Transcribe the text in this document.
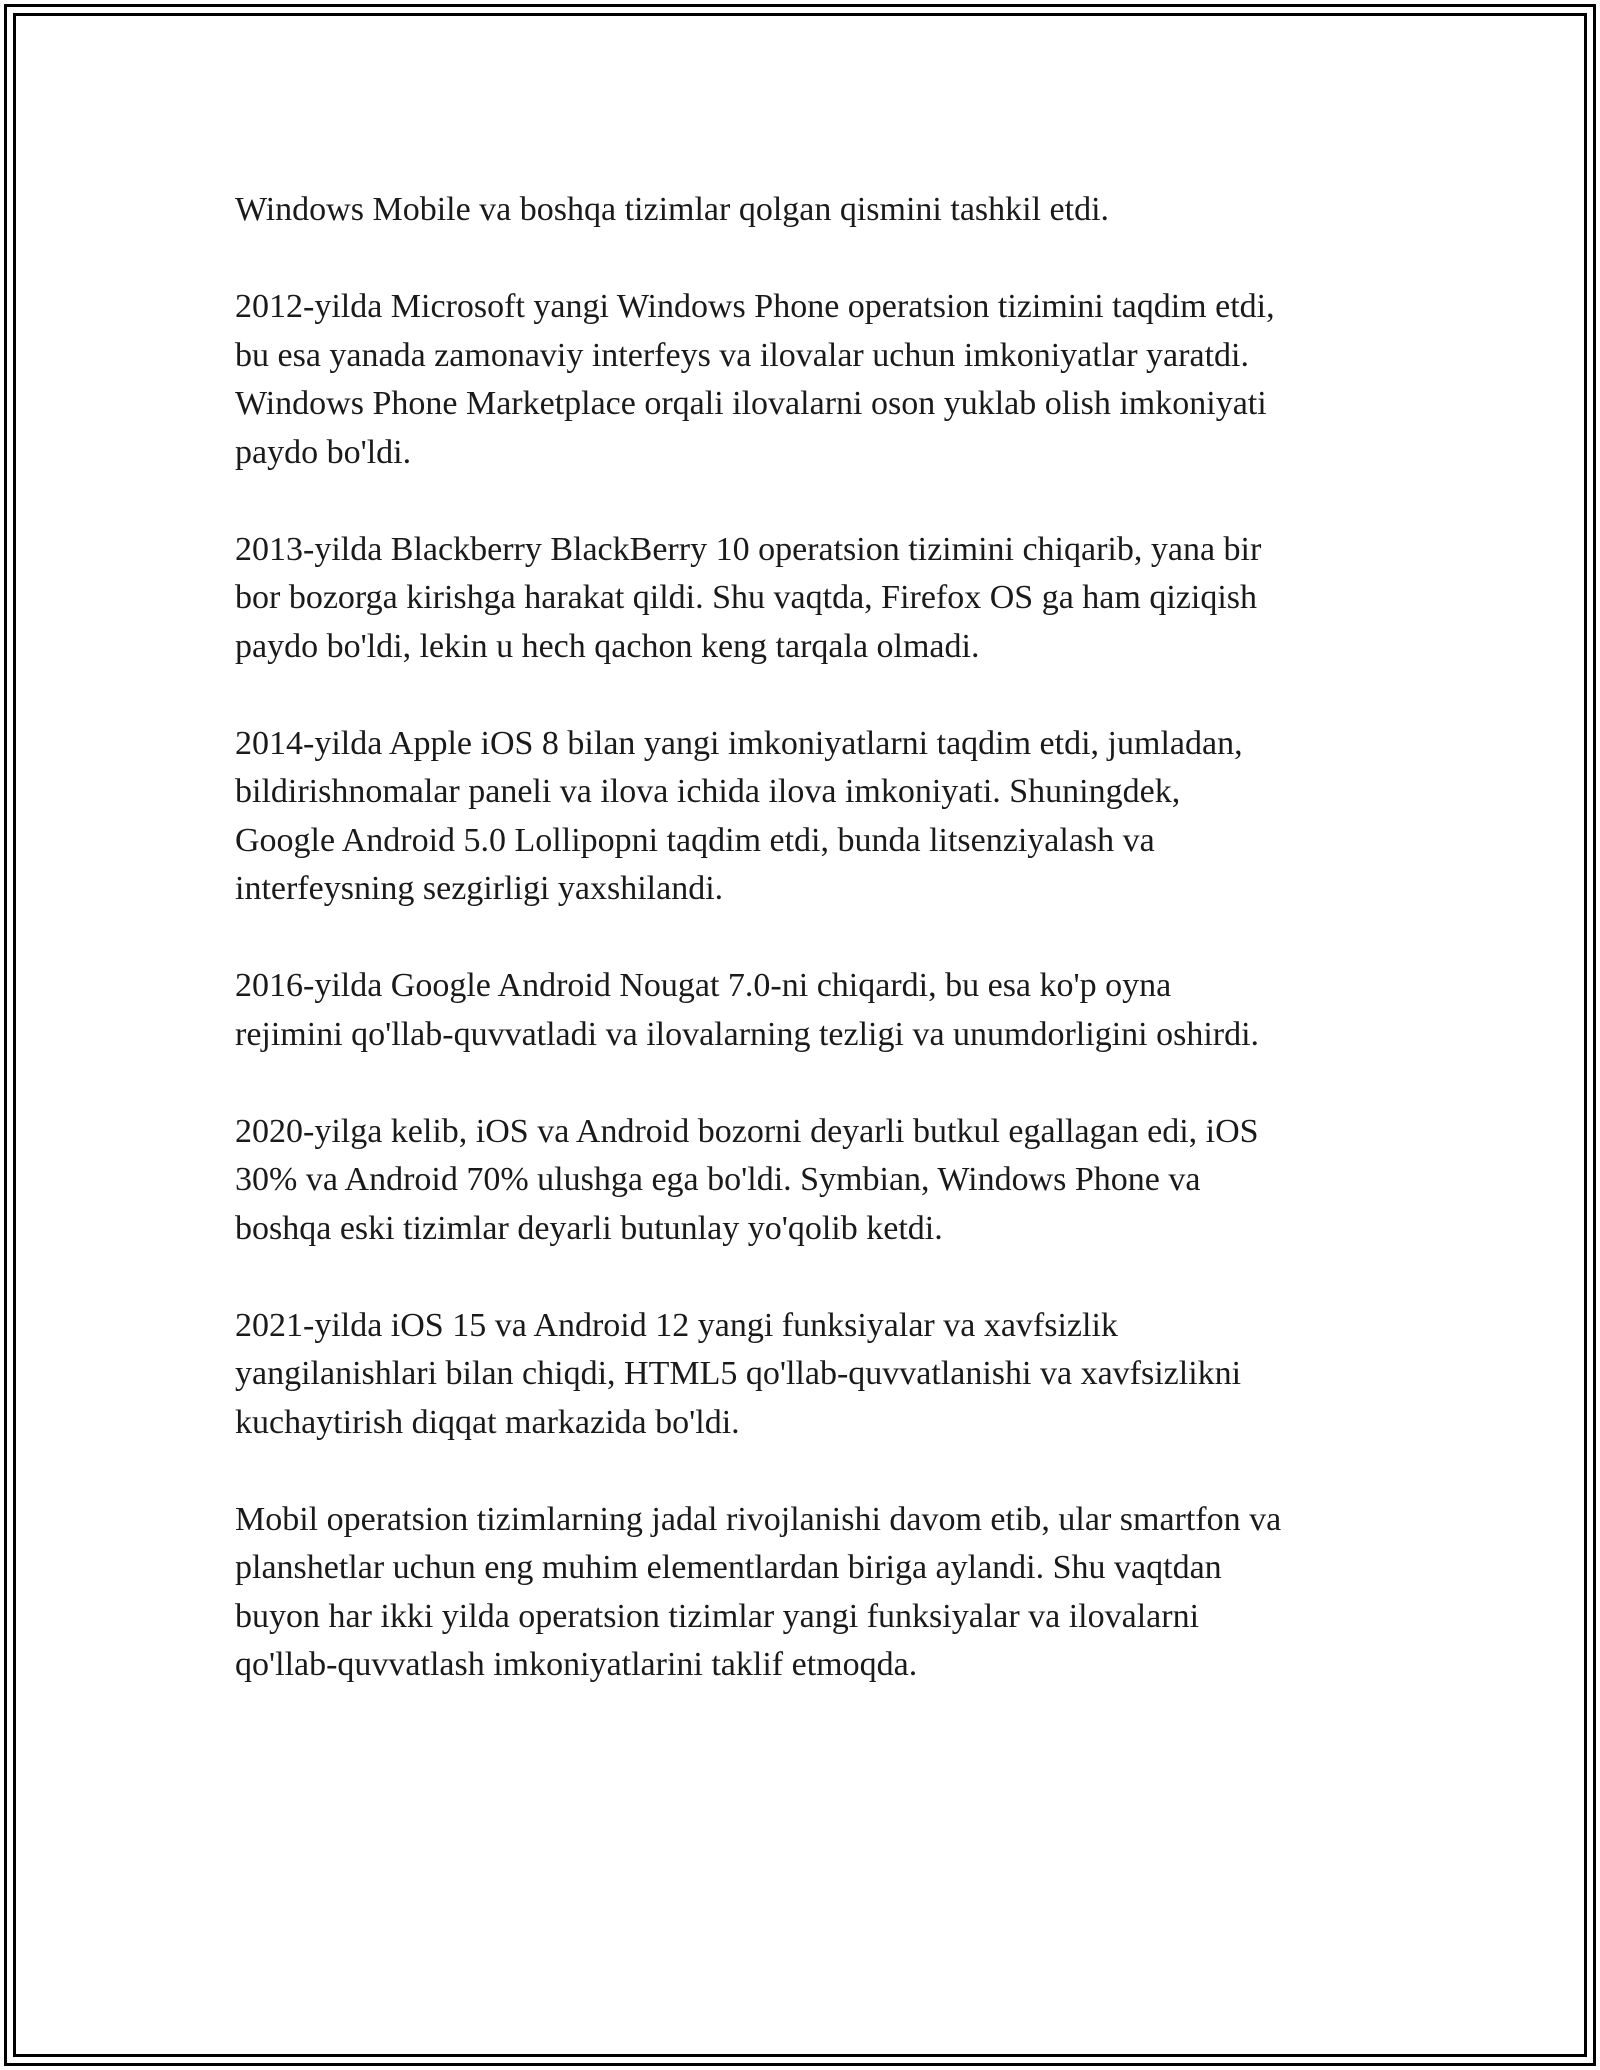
Windows Mobile va boshqa tizimlar qolgan qismini tashkil etdi.

2012-yilda Microsoft yangi Windows Phone operatsion tizimini taqdim etdi,
bu esa yanada zamonaviy interfeys va ilovalar uchun imkoniyatlar yaratdi.
Windows Phone Marketplace orqali ilovalarni oson yuklab olish imkoniyati
paydo bo'ldi.

2013-yilda Blackberry BlackBerry 10 operatsion tizimini chiqarib, yana bir
bor bozorga kirishga harakat qildi. Shu vaqtda, Firefox OS ga ham qiziqish
paydo bo'ldi, lekin u hech qachon keng tarqala olmadi.

2014-yilda Apple iOS 8 bilan yangi imkoniyatlarni taqdim etdi, jumladan,
bildirishnomalar paneli va ilova ichida ilova imkoniyati. Shuningdek,
Google Android 5.0 Lollipopni taqdim etdi, bunda litsenziyalash va
interfeysning sezgirligi yaxshilandi.

2016-yilda Google Android Nougat 7.0-ni chiqardi, bu esa ko'p oyna
rejimini qo'llab-quvvatladi va ilovalarning tezligi va unumdorligini oshirdi.

2020-yilga kelib, iOS va Android bozorni deyarli butkul egallagan edi, iOS
30% va Android 70% ulushga ega bo'ldi. Symbian, Windows Phone va
boshqa eski tizimlar deyarli butunlay yo'qolib ketdi.

2021-yilda iOS 15 va Android 12 yangi funksiyalar va xavfsizlik
yangilanishlari bilan chiqdi, HTML5 qo'llab-quvvatlanishi va xavfsizlikni
kuchaytirish diqqat markazida bo'ldi.

Mobil operatsion tizimlarning jadal rivojlanishi davom etib, ular smartfon va
planshetlar uchun eng muhim elementlardan biriga aylandi. Shu vaqtdan
buyon har ikki yilda operatsion tizimlar yangi funksiyalar va ilovalarni
qo'llab-quvvatlash imkoniyatlarini taklif etmoqda.
